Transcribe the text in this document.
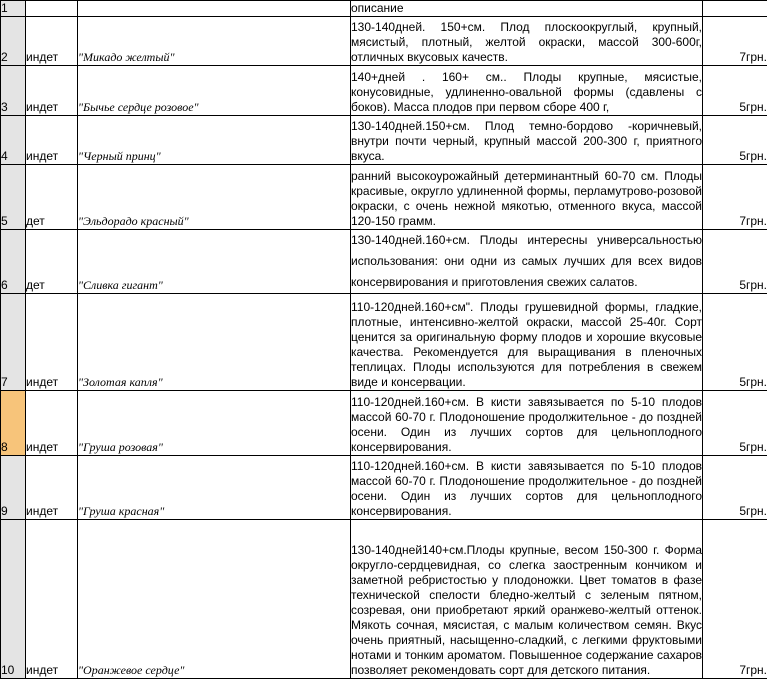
1			описание	
2	индет	"Микадо желтый"	130-140дней. 150+см. Плод плоскоокруглый, крупный, мясистый, плотный, желтой окраски, массой 300-600г, отличных вкусовых качеств.	7грн.
3	индет	"Бычье сердце розовое"	140+дней . 160+ см.. Плоды крупные, мясистые, конусовидные, удлиненно-овальной формы (сдавлены с боков). Масса плодов при первом сборе 400 г,	5грн.
4	индет	"Черный принц"	130-140дней.150+см. Плод темно-бордово -коричневый, внутри почти черный, крупный массой 200-300 г, приятного вкуса.	5грн.
5	дет	"Эльдорадо красный"	ранний высокоурожайный детерминантный 60-70 см. Плоды красивые, округло удлиненной формы, перламутрово-розовой окраски, с очень нежной мякотью, отменного вкуса, массой 120-150 грамм.	7грн.
6	дет	"Сливка гигант"	130-140дней.160+см. Плоды интересны универсальностью использования: они одни из самых лучших для всех видов консервирования и приготовления свежих салатов.	5грн.
7	индет	"Золотая капля"	110-120дней.160+см". Плоды грушевидной формы, гладкие, плотные, интенсивно-желтой окраски, массой 25-40г. Сорт ценится за оригинальную форму плодов и хорошие вкусовые качества. Рекомендуется для выращивания в пленочных теплицах. Плоды используются для потребления в свежем виде и консервации.	5грн.
8	индет	"Груша розовая"	110-120дней.160+см. В кисти завязывается по 5-10 плодов массой 60-70 г. Плодоношение продолжительное - до поздней осени. Один из лучших сортов для цельноплодного консервирования.	5грн.
9	индет	"Груша красная"	110-120дней.160+см. В кисти завязывается по 5-10 плодов массой 60-70 г. Плодоношение продолжительное - до поздней осени. Один из лучших сортов для цельноплодного консервирования.	5грн.
10	индет	"Оранжевое сердце"	130-140дней140+см.Плоды крупные, весом 150-300 г. Форма округло-сердцевидная, со слегка заостренным кончиком и заметной ребристостью у плодоножки. Цвет томатов в фазе технической спелости бледно-желтый с зеленым пятном, созревая, они приобретают яркий оранжево-желтый оттенок. Мякоть сочная, мясистая, с малым количеством семян. Вкус очень приятный, насыщенно-сладкий, с легкими фруктовыми нотами и тонким ароматом. Повышенное содержание сахаров позволяет рекомендовать сорт для детского питания.	7грн.
